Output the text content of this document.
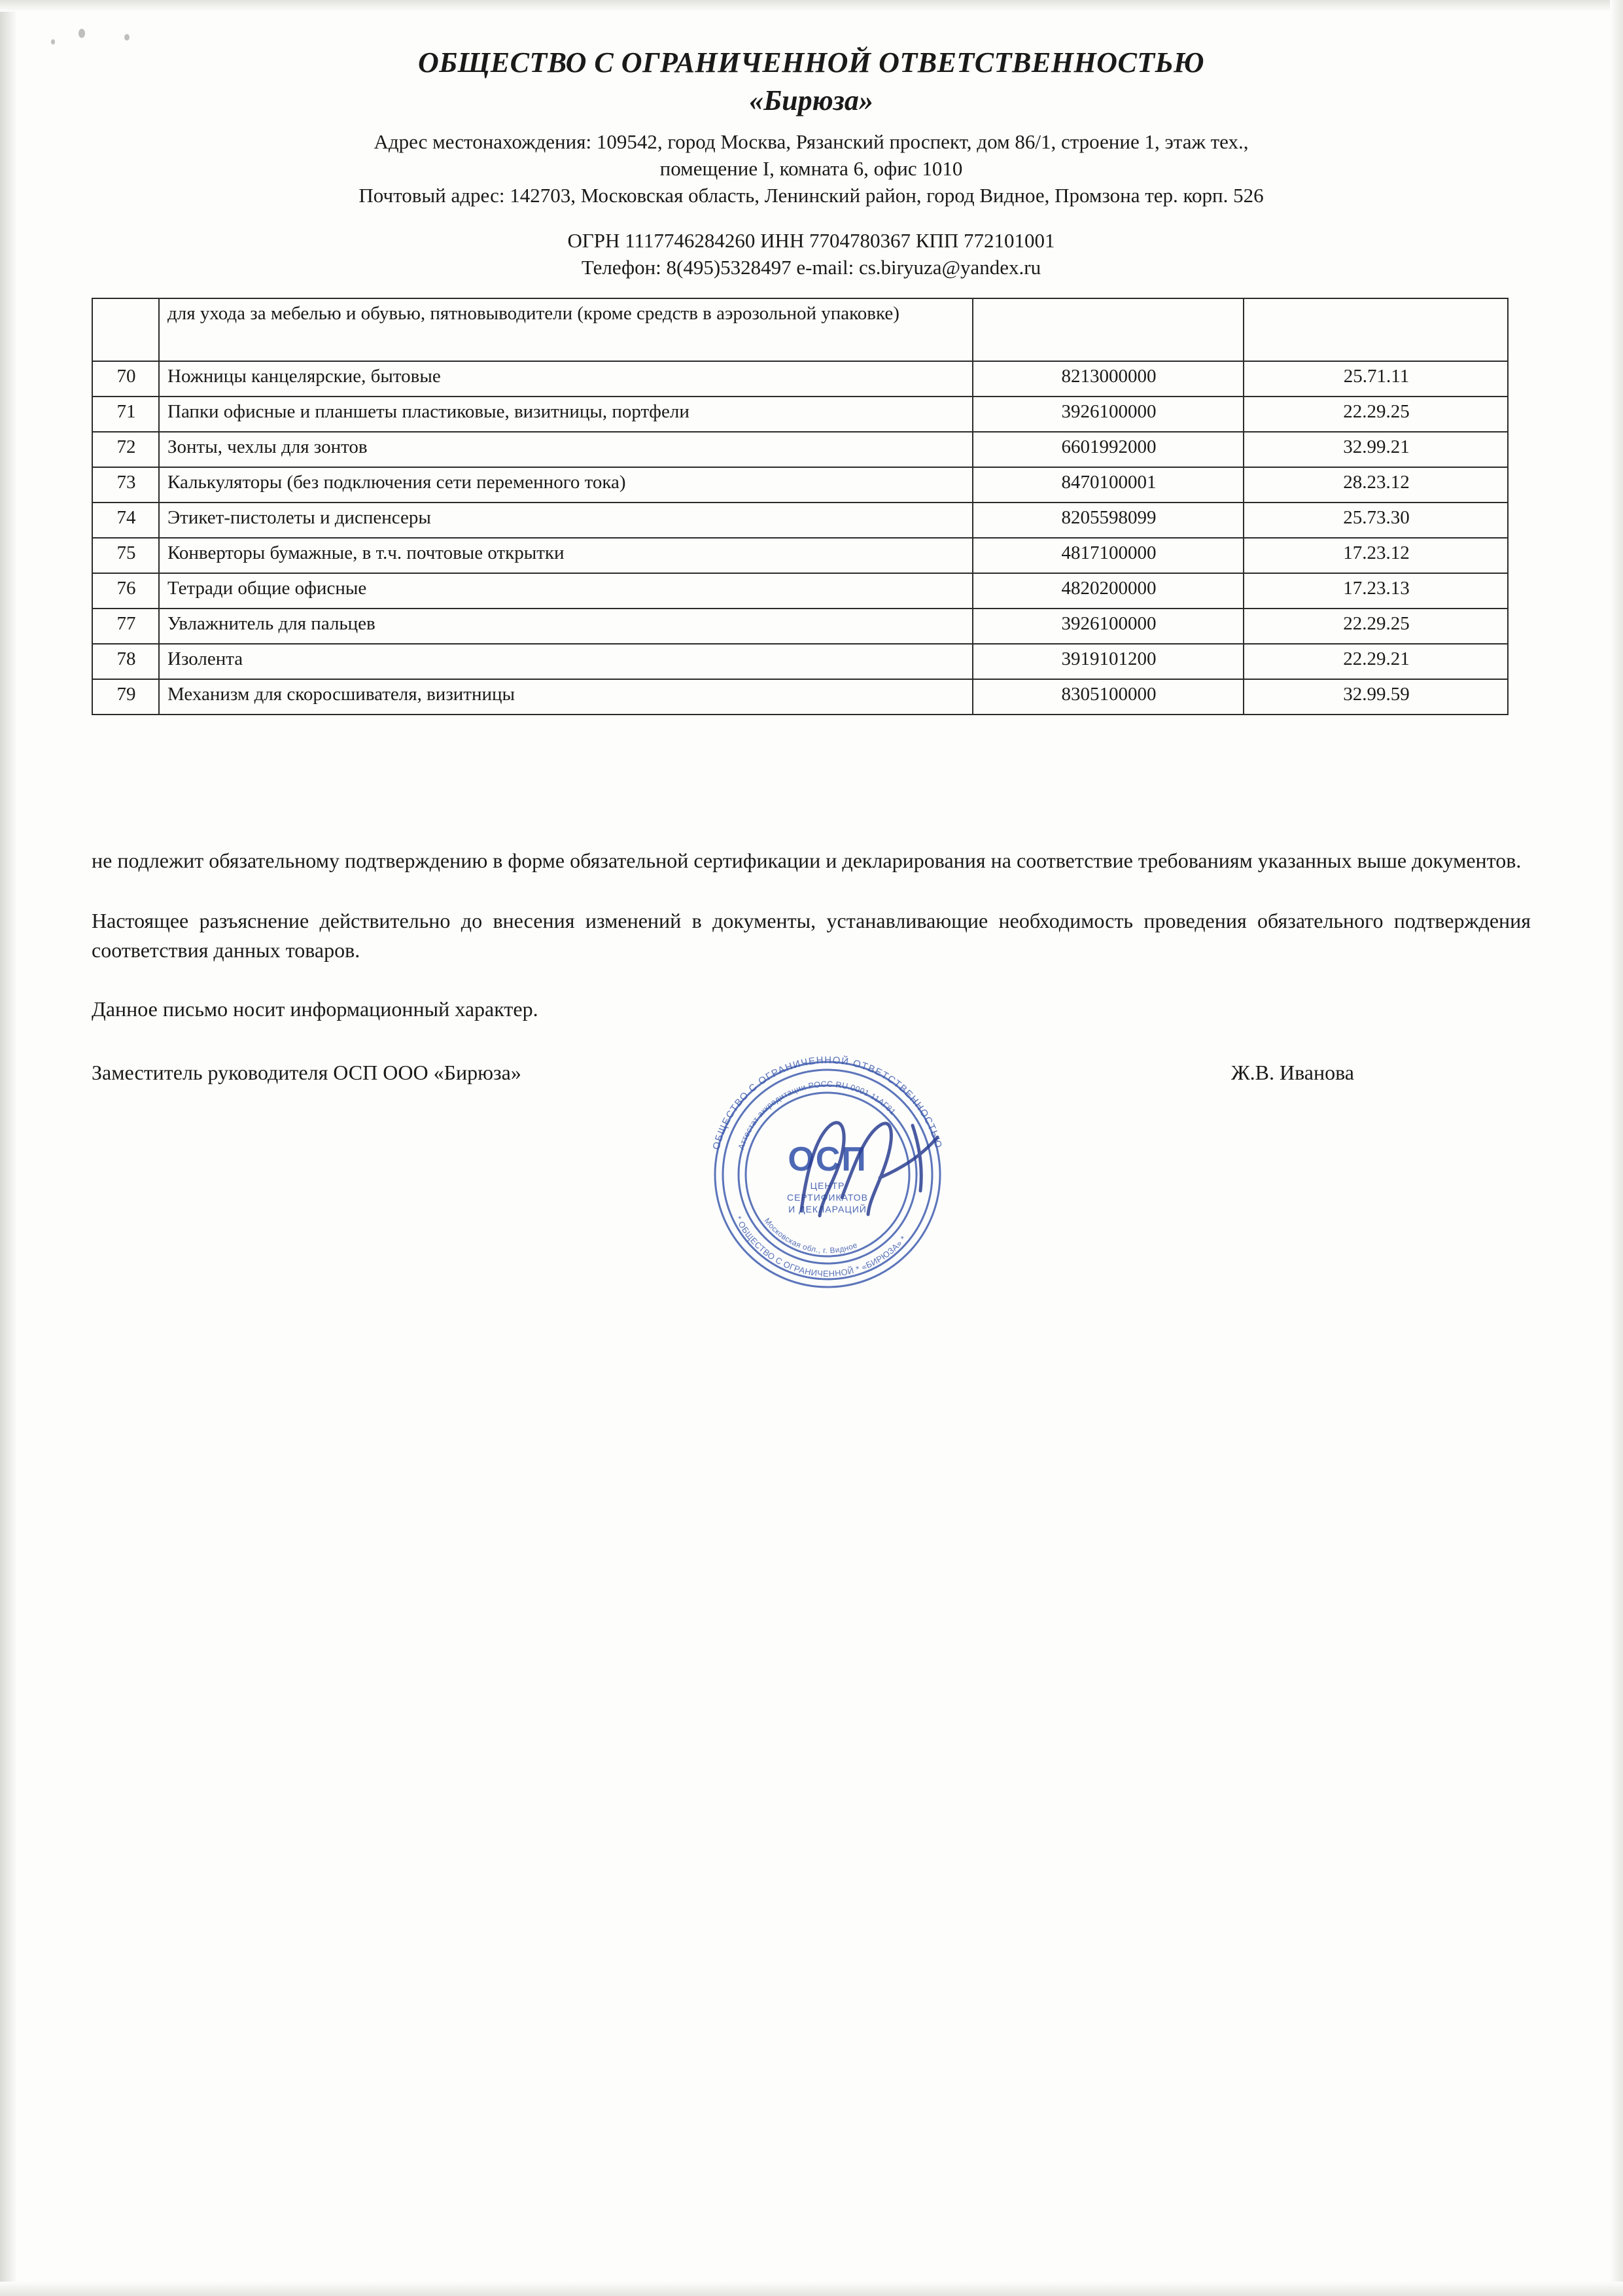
ОБЩЕСТВО С ОГРАНИЧЕННОЙ ОТВЕТСТВЕННОСТЬЮ
«Бирюза»
Адрес местонахождения: 109542, город Москва, Рязанский проспект, дом 86/1, строение 1, этаж тех.,
помещение I, комната 6, офис 1010
Почтовый адрес: 142703, Московская область, Ленинский район, город Видное, Промзона тер. корп. 526
ОГРН 1117746284260 ИНН 7704780367 КПП 772101001
Телефон: 8(495)5328497 e-mail: cs.biryuza@yandex.ru
	для ухода за мебелью и обувью, пятновыводители (кроме средств в аэрозольной упаковке)		
70	Ножницы канцелярские, бытовые	8213000000	25.71.11
71	Папки офисные и планшеты пластиковые, визитницы, портфели	3926100000	22.29.25
72	Зонты, чехлы для зонтов	6601992000	32.99.21
73	Калькуляторы (без подключения сети переменного тока)	8470100001	28.23.12
74	Этикет-пистолеты и диспенсеры	8205598099	25.73.30
75	Конверторы бумажные, в т.ч. почтовые открытки	4817100000	17.23.12
76	Тетради общие офисные	4820200000	17.23.13
77	Увлажнитель для пальцев	3926100000	22.29.25
78	Изолента	3919101200	22.29.21
79	Механизм для скоросшивателя, визитницы	8305100000	32.99.59
не подлежит обязательному подтверждению в форме обязательной сертификации и декларирования на соответствие требованиям указанных выше документов.
Настоящее разъяснение действительно до внесения изменений в документы, устанавливающие необходимость проведения обязательного подтверждения соответствия данных товаров.
Данное письмо носит информационный характер.
Заместитель руководителя ОСП ООО «Бирюза»	Ж.В. Иванова
ОБЩЕСТВО С ОГРАНИЧЕННОЙ ОТВЕТСТВЕННОСТЬЮ
* ОБЩЕСТВО С ОГРАНИЧЕННОЙ * «БИРЮЗА» *
Аттестат аккредитации РОСС RU.0001.11АГ81
Московская обл., г. Видное
ОСП
ЦЕНТР
СЕРТИФИКАТОВ
И ДЕКЛАРАЦИЙ
